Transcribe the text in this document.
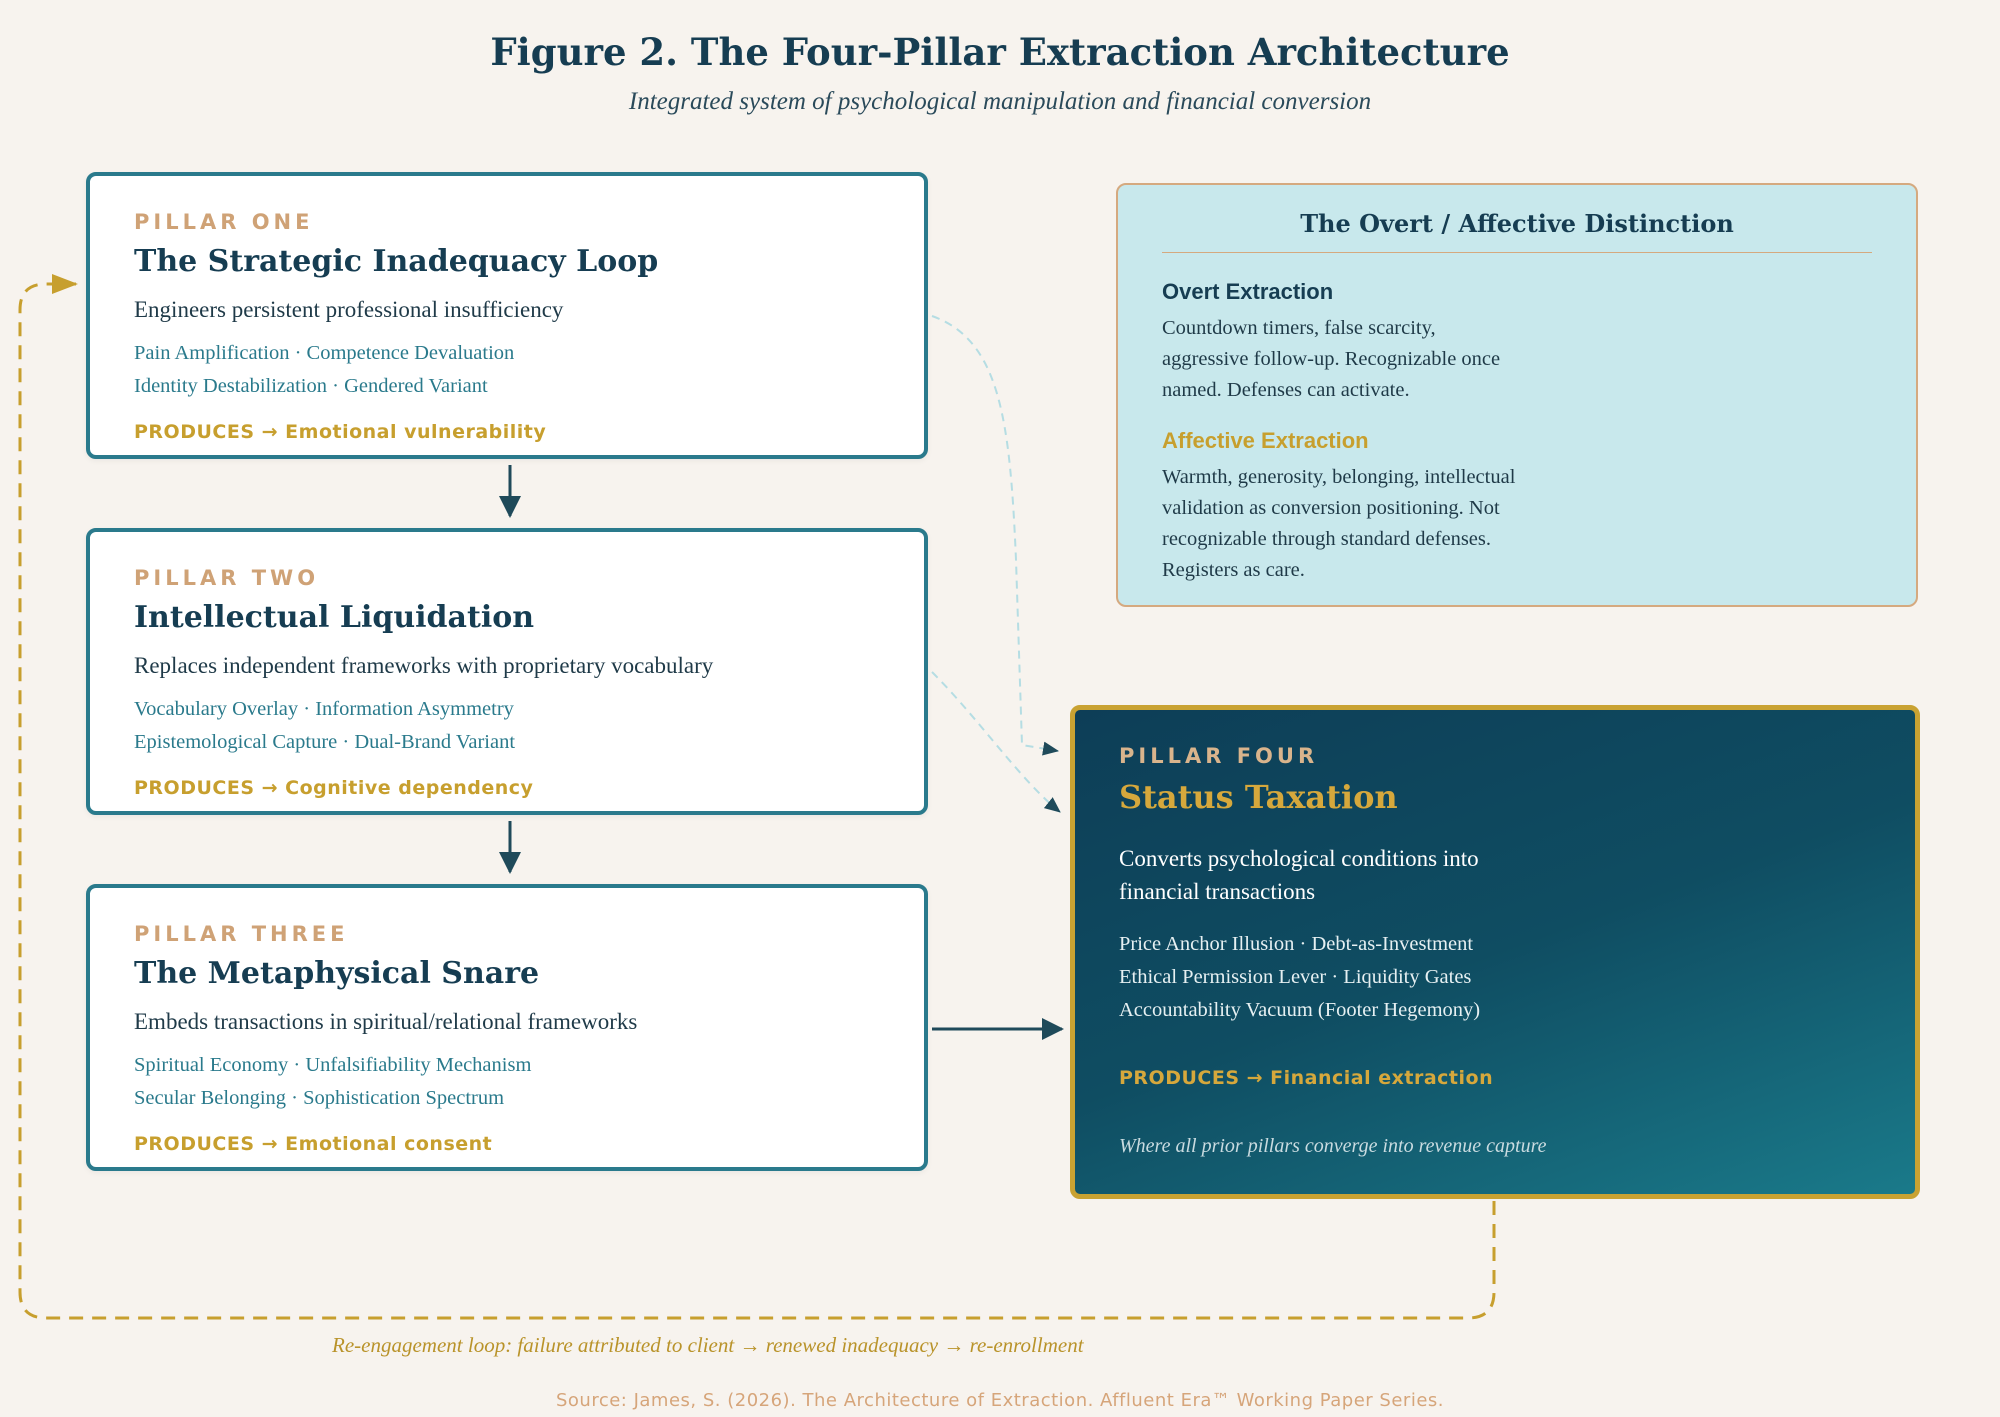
Figure 2. The Four-Pillar Extraction Architecture
Integrated system of psychological manipulation and financial conversion
PILLAR ONE
The Strategic Inadequacy Loop
Engineers persistent professional insufficiency
Pain Amplification · Competence Devaluation
Identity Destabilization · Gendered Variant
PRODUCES → Emotional vulnerability
PILLAR TWO
Intellectual Liquidation
Replaces independent frameworks with proprietary vocabulary
Vocabulary Overlay · Information Asymmetry
Epistemological Capture · Dual-Brand Variant
PRODUCES → Cognitive dependency
PILLAR THREE
The Metaphysical Snare
Embeds transactions in spiritual/relational frameworks
Spiritual Economy · Unfalsifiability Mechanism
Secular Belonging · Sophistication Spectrum
PRODUCES → Emotional consent
The Overt / Affective Distinction
Overt Extraction
Countdown timers, false scarcity, aggressive follow-up. Recognizable once named. Defenses can activate.
Affective Extraction
Warmth, generosity, belonging, intellectual validation as conversion positioning. Not recognizable through standard defenses. Registers as care.
PILLAR FOUR
Status Taxation
Converts psychological conditions into financial transactions
Price Anchor Illusion · Debt-as-Investment
Ethical Permission Lever · Liquidity Gates
Accountability Vacuum (Footer Hegemony)
PRODUCES → Financial extraction
Where all prior pillars converge into revenue capture
Re-engagement loop: failure attributed to client → renewed inadequacy → re-enrollment
Source: James, S. (2026). The Architecture of Extraction. Affluent Era™ Working Paper Series.
